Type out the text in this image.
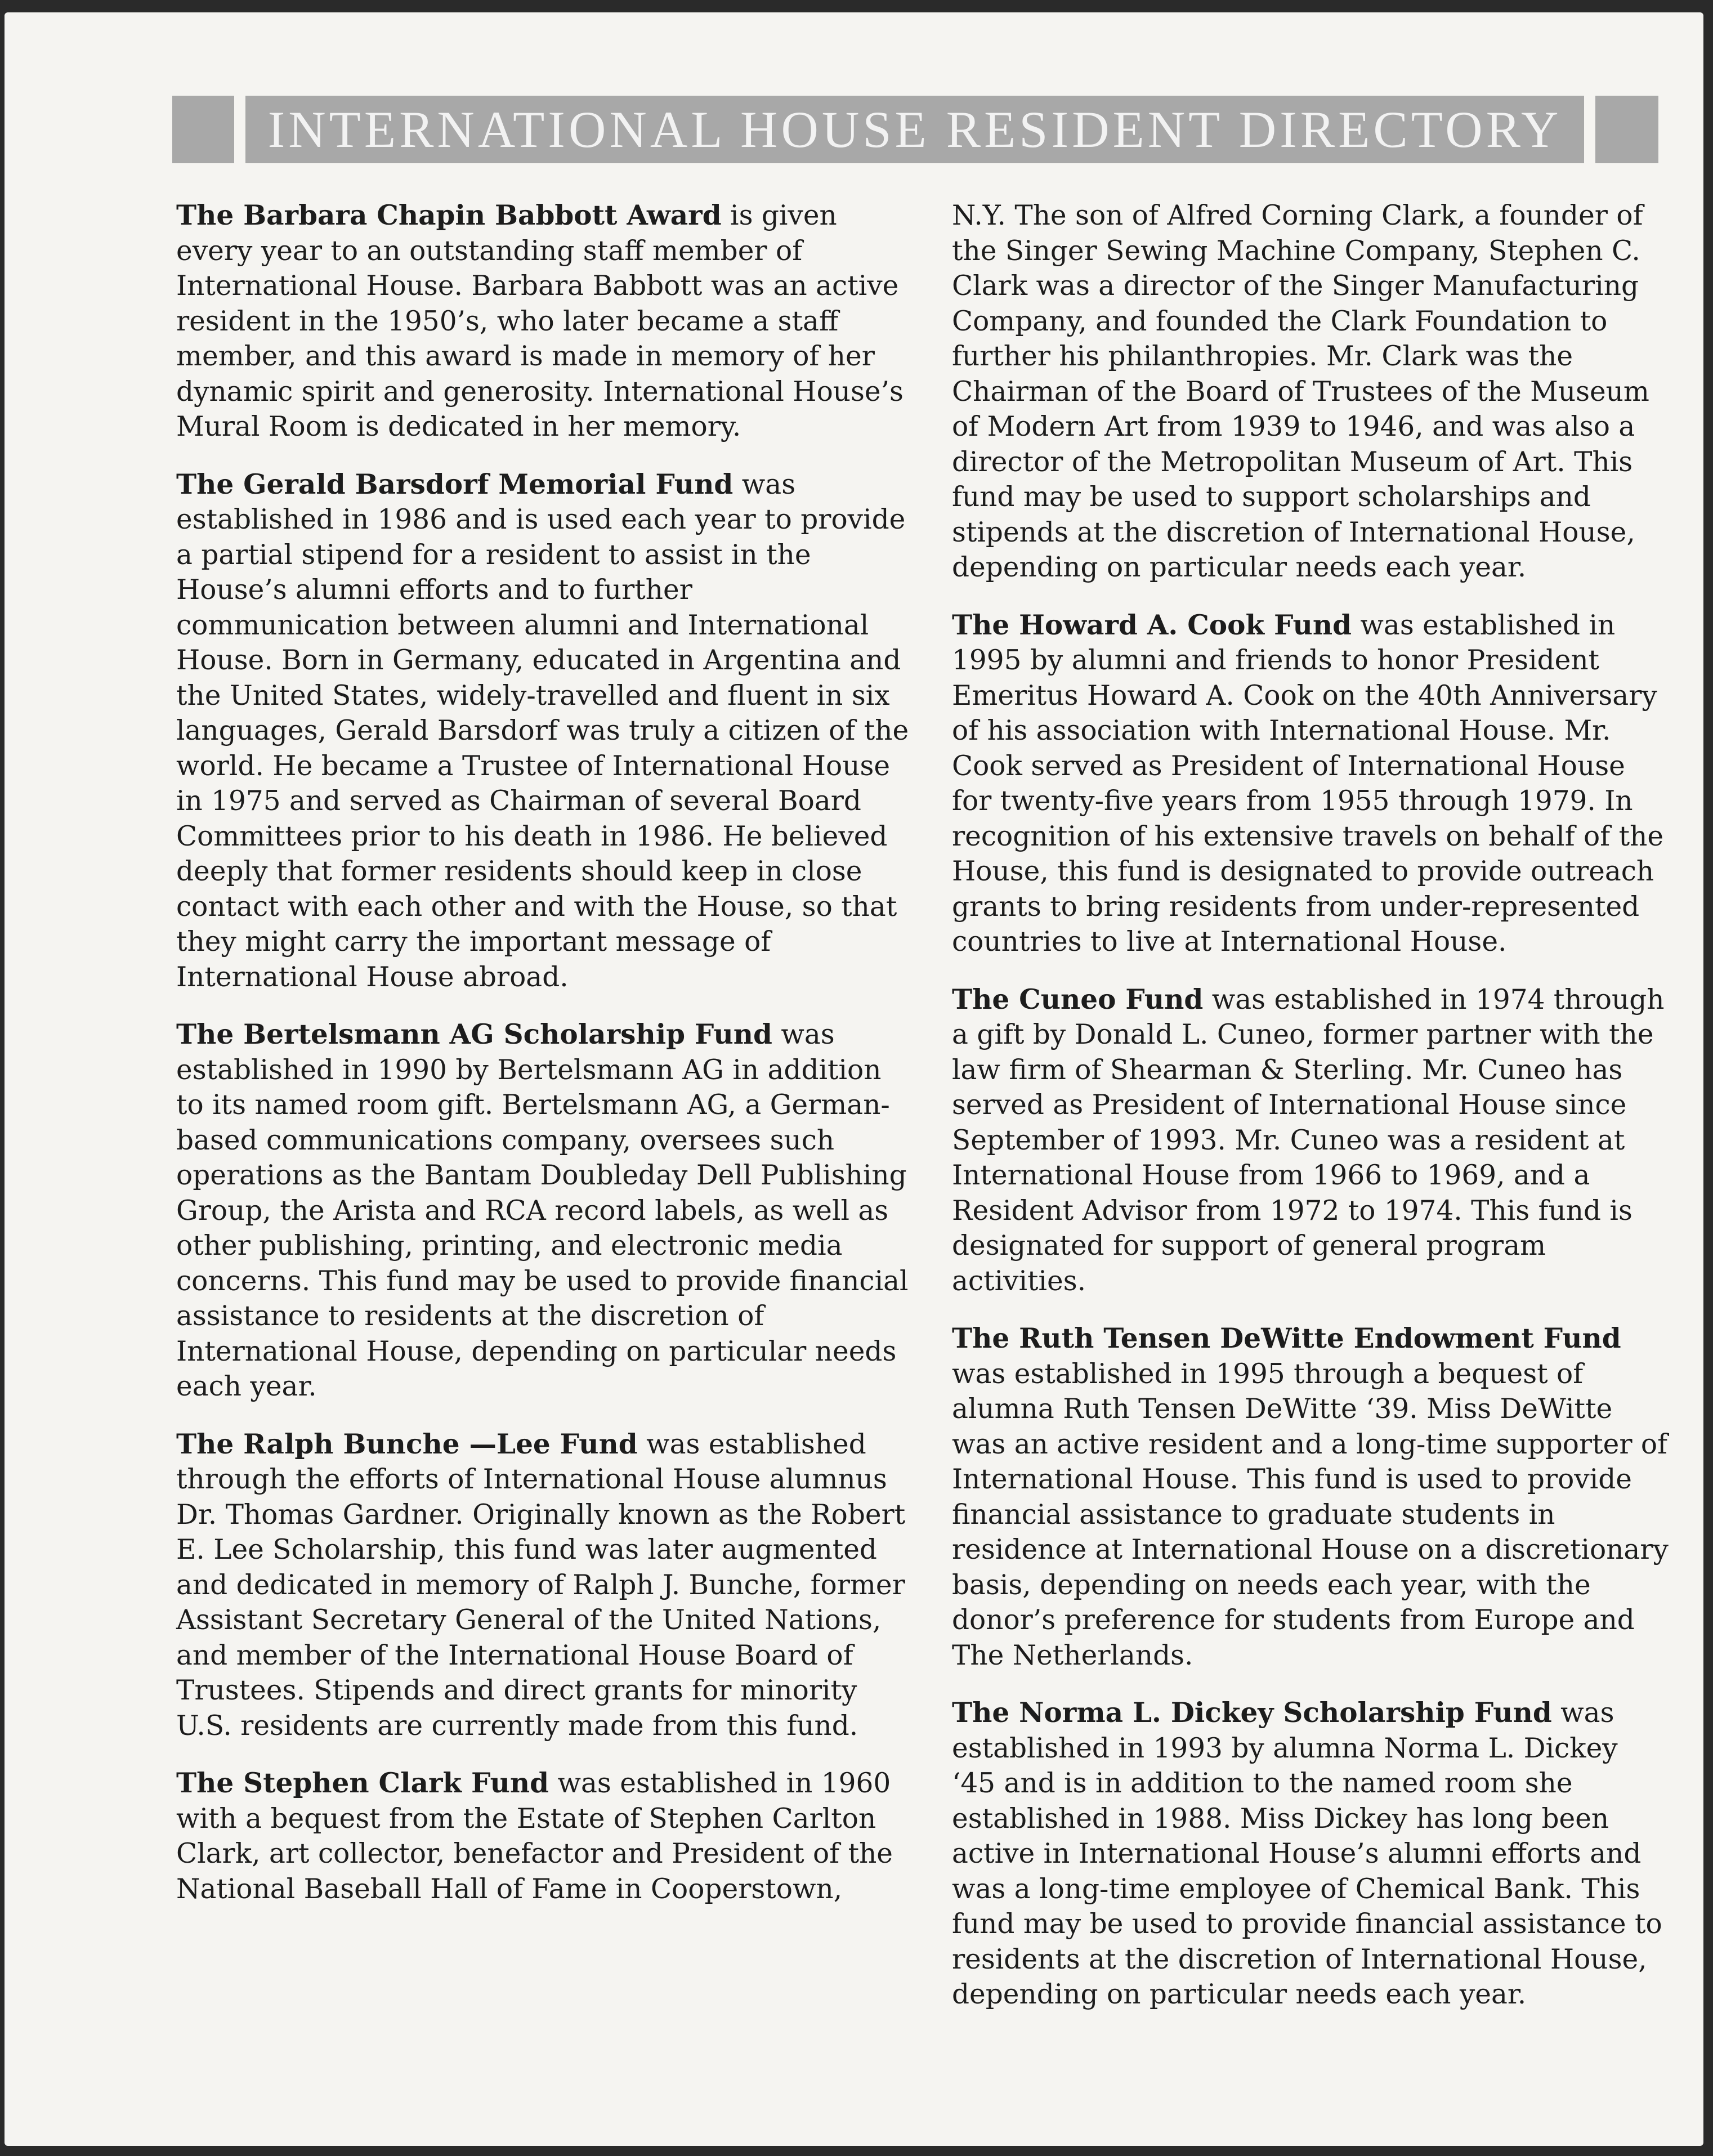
INTERNATIONAL HOUSE RESIDENT DIRECTORY

The Barbara Chapin Babbott Award is given every year to an outstanding staff member of International House. Barbara Babbott was an active resident in the 1950’s, who later became a staff member, and this award is made in memory of her dynamic spirit and generosity. International House’s Mural Room is dedicated in her memory.

The Gerald Barsdorf Memorial Fund was established in 1986 and is used each year to provide a partial stipend for a resident to assist in the House’s alumni efforts and to further communication between alumni and International House. Born in Germany, educated in Argentina and the United States, widely-travelled and fluent in six languages, Gerald Barsdorf was truly a citizen of the world. He became a Trustee of International House in 1975 and served as Chairman of several Board Committees prior to his death in 1986. He believed deeply that former residents should keep in close contact with each other and with the House, so that they might carry the important message of International House abroad.

The Bertelsmann AG Scholarship Fund was established in 1990 by Bertelsmann AG in addition to its named room gift. Bertelsmann AG, a German-based communications company, oversees such operations as the Bantam Doubleday Dell Publishing Group, the Arista and RCA record labels, as well as other publishing, printing, and electronic media concerns. This fund may be used to provide financial assistance to residents at the discretion of International House, depending on particular needs each year.

The Ralph Bunche —Lee Fund was established through the efforts of International House alumnus Dr. Thomas Gardner. Originally known as the Robert E. Lee Scholarship, this fund was later augmented and dedicated in memory of Ralph J. Bunche, former Assistant Secretary General of the United Nations, and member of the International House Board of Trustees. Stipends and direct grants for minority U.S. residents are currently made from this fund.

The Stephen Clark Fund was established in 1960 with a bequest from the Estate of Stephen Carlton Clark, art collector, benefactor and President of the National Baseball Hall of Fame in Cooperstown,

N.Y. The son of Alfred Corning Clark, a founder of the Singer Sewing Machine Company, Stephen C. Clark was a director of the Singer Manufacturing Company, and founded the Clark Foundation to further his philanthropies. Mr. Clark was the Chairman of the Board of Trustees of the Museum of Modern Art from 1939 to 1946, and was also a director of the Metropolitan Museum of Art. This fund may be used to support scholarships and stipends at the discretion of International House, depending on particular needs each year.

The Howard A. Cook Fund was established in 1995 by alumni and friends to honor President Emeritus Howard A. Cook on the 40th Anniversary of his association with International House. Mr. Cook served as President of International House for twenty-five years from 1955 through 1979. In recognition of his extensive travels on behalf of the House, this fund is designated to provide outreach grants to bring residents from under-represented countries to live at International House.

The Cuneo Fund was established in 1974 through a gift by Donald L. Cuneo, former partner with the law firm of Shearman & Sterling. Mr. Cuneo has served as President of International House since September of 1993. Mr. Cuneo was a resident at International House from 1966 to 1969, and a Resident Advisor from 1972 to 1974. This fund is designated for support of general program activities.

The Ruth Tensen DeWitte Endowment Fund was established in 1995 through a bequest of alumna Ruth Tensen DeWitte ‘39. Miss DeWitte was an active resident and a long-time supporter of International House. This fund is used to provide financial assistance to graduate students in residence at International House on a discretionary basis, depending on needs each year, with the donor’s preference for students from Europe and The Netherlands.

The Norma L. Dickey Scholarship Fund was established in 1993 by alumna Norma L. Dickey ‘45 and is in addition to the named room she established in 1988. Miss Dickey has long been active in International House’s alumni efforts and was a long-time employee of Chemical Bank. This fund may be used to provide financial assistance to residents at the discretion of International House, depending on particular needs each year.
